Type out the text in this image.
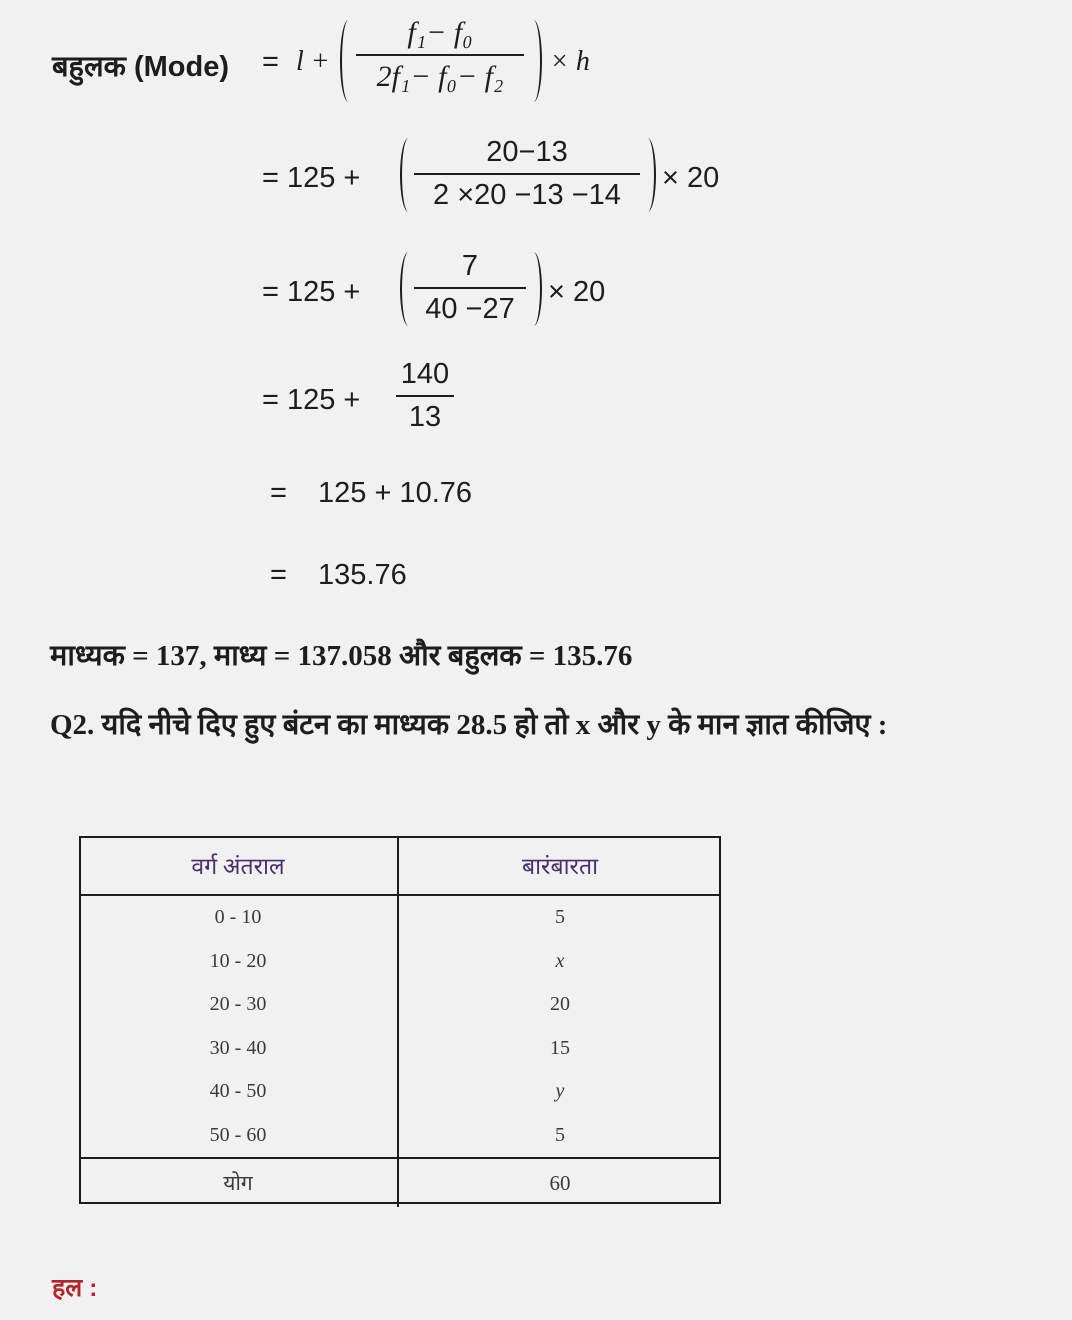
बहुलक (Mode) = l +
f₁− f₀
2f₁− f₀− f₂ × h
= 125 +
20−13
2 ×20 −13 −14
× 20
= 125 +
7
40 −27
× 20
= 125 +
140
13
= 125 + 10.76
= 135.76
माध्यक = 137, माध्य = 137.058 और बहुलक = 135.76
Q2. यदि नीचे दिए हुए बंटन का माध्यक 28.5 हो तो x और y के मान ज्ञात कीजिए :
वर्ग अंतराल	बारंबारता
0 - 10	5
10 - 20	x
20 - 30	20
30 - 40	15
40 - 50	y
50 - 60	5
योग	60
हल :
